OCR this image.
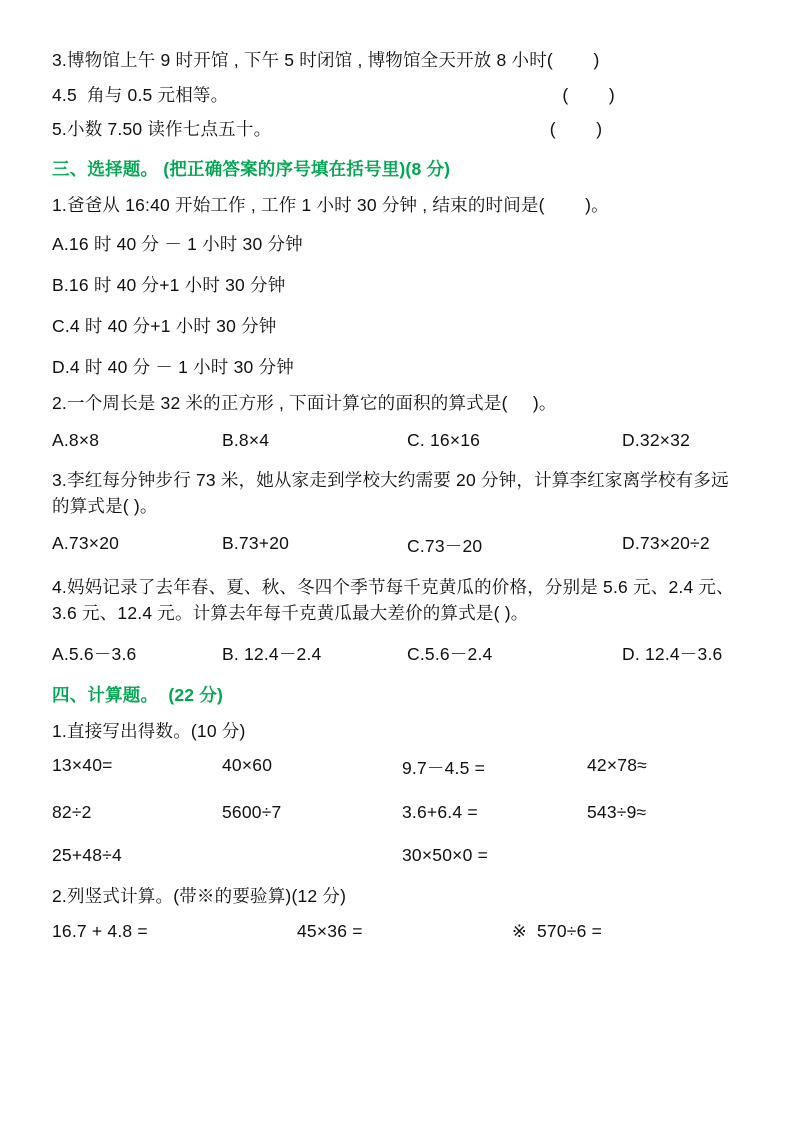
3.博物馆上午 9 时开馆 , 下午 5 时闭馆 , 博物馆全天开放 8 小时(        )
4.5  角与 0.5 元相等。                                                                  (        )
5.小数 7.50 读作七点五十。                                                       (        )
三、选择题。 (把正确答案的序号填在括号里)(8 分)
1.爸爸从 16:40 开始工作 , 工作 1 小时 30 分钟 , 结束的时间是(        )。
A.16 时 40 分 － 1 小时 30 分钟
B.16 时 40 分+1 小时 30 分钟
C.4 时 40 分+1 小时 30 分钟
D.4 时 40 分 － 1 小时 30 分钟
2.一个周长是 32 米的正方形 , 下面计算它的面积的算式是(     )。
A.8×8	B.8×4	C. 16×16	D.32×32
3.李红每分钟步行 73 米，她从家走到学校大约需要 20 分钟，计算李红家离学校有多远的算式是( )。
A.73×20	B.73+20	C.73－20	D.73×20÷2
4.妈妈记录了去年春、夏、秋、冬四个季节每千克黄瓜的价格，分别是 5.6 元、2.4 元、3.6 元、12.4 元。计算去年每千克黄瓜最大差价的算式是( )。
A.5.6－3.6	B. 12.4－2.4	C.5.6－2.4	D. 12.4－3.6
四、计算题。  (22 分)
1.直接写出得数。(10 分)
13×40=	40×60	9.7－4.5 =	42×78≈
82÷2	5600÷7	3.6+6.4 =	543÷9≈
25+48÷4	30×50×0 =
2.列竖式计算。(带※的要验算)(12 分)
16.7 + 4.8 =	45×36 =	※  570÷6 =
